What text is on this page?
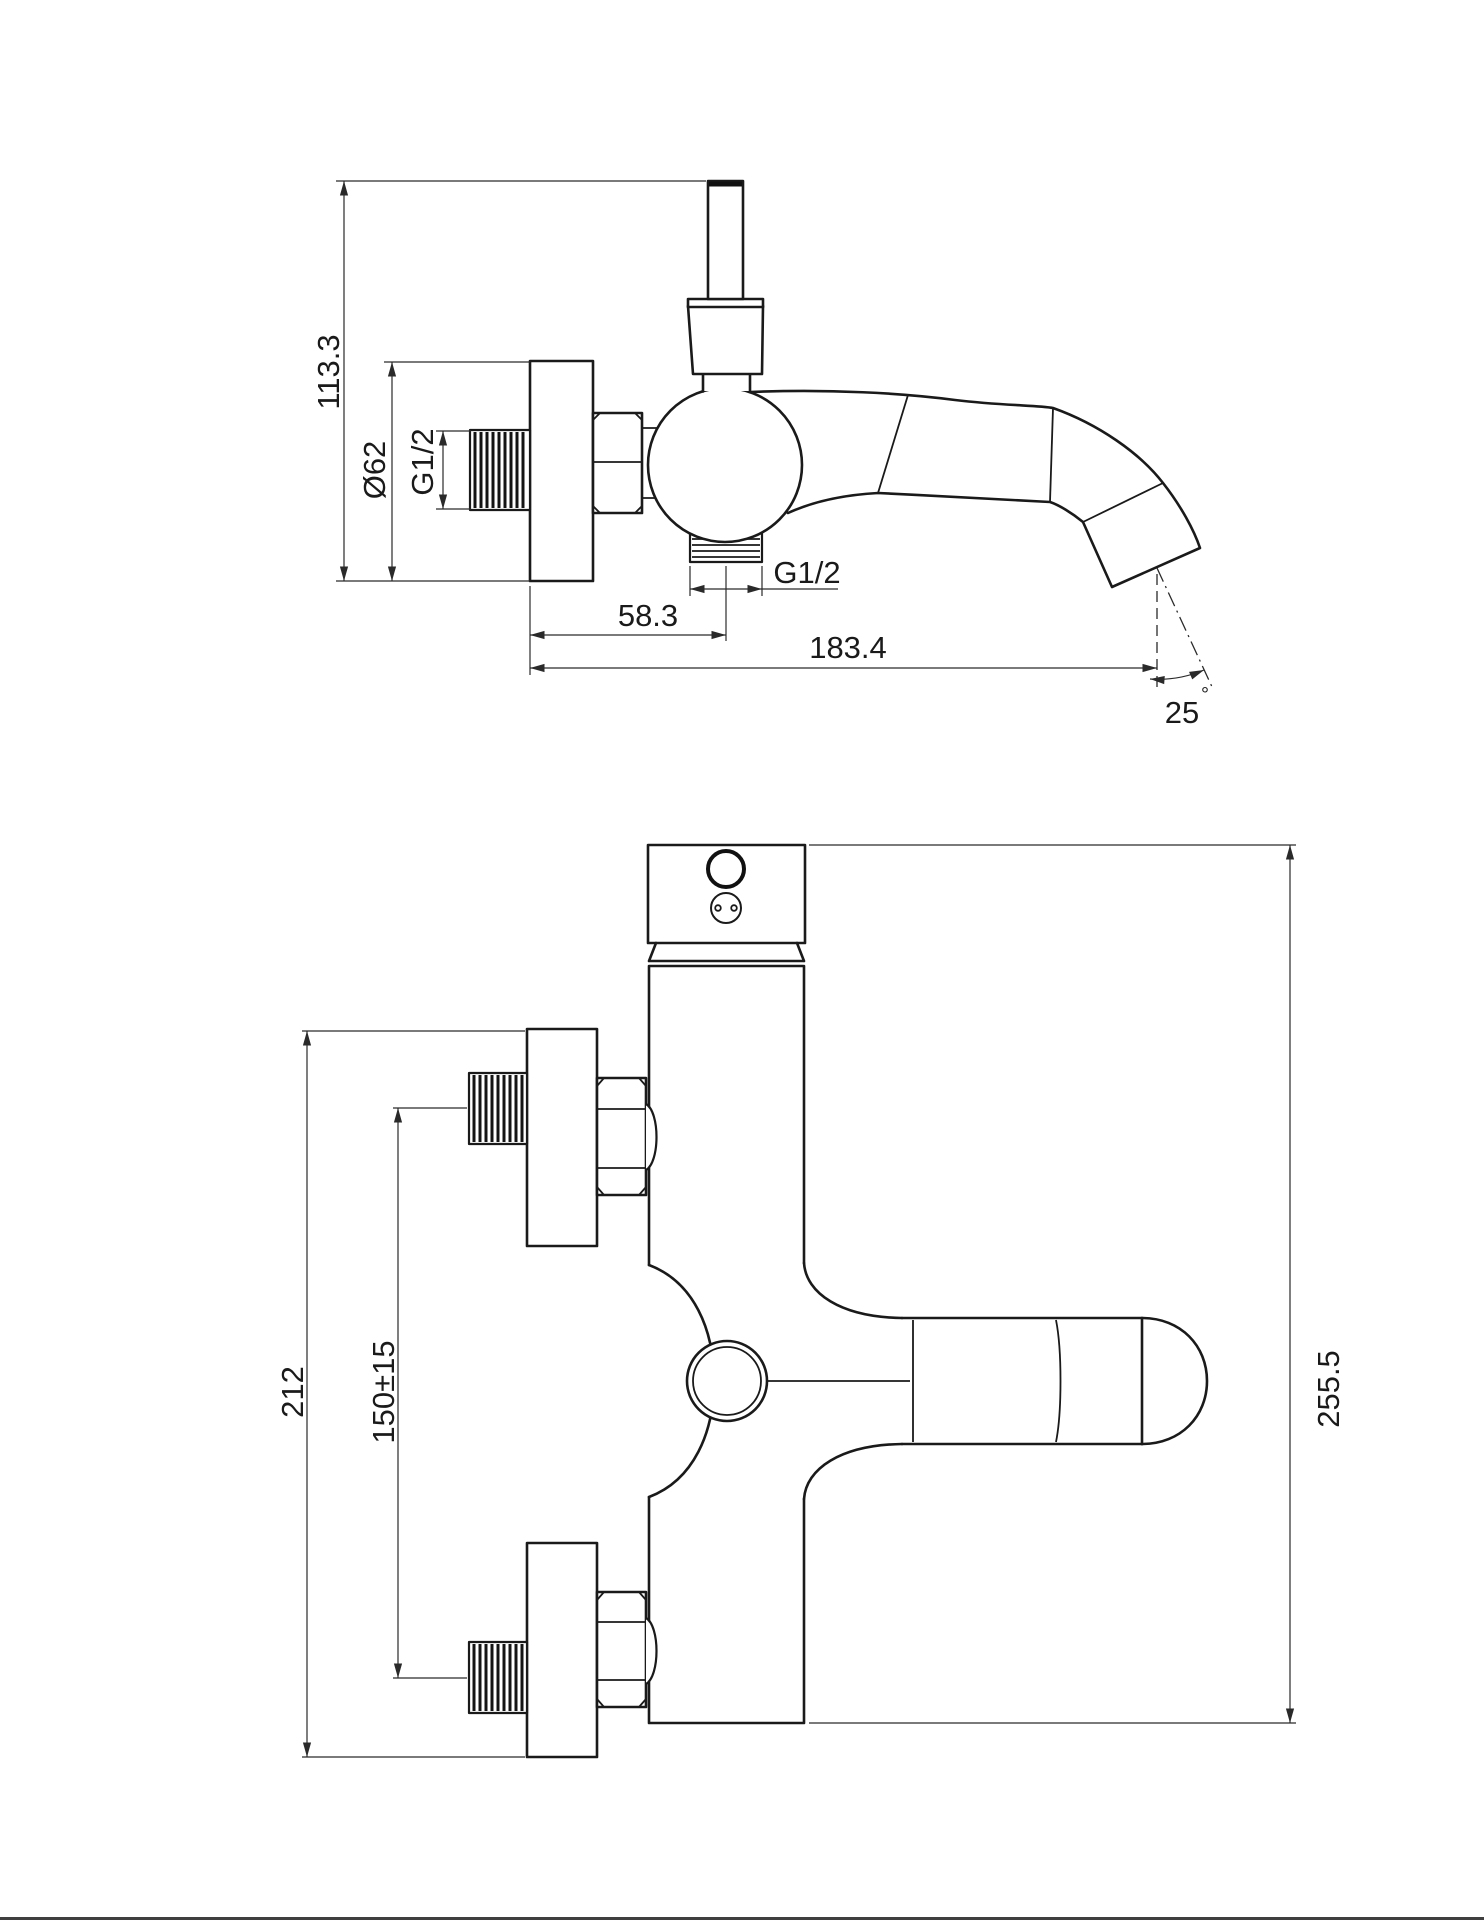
113.3
Ø62 G1/2
G1/2
58.3
183.4
25 °
212 150±15	255.5
